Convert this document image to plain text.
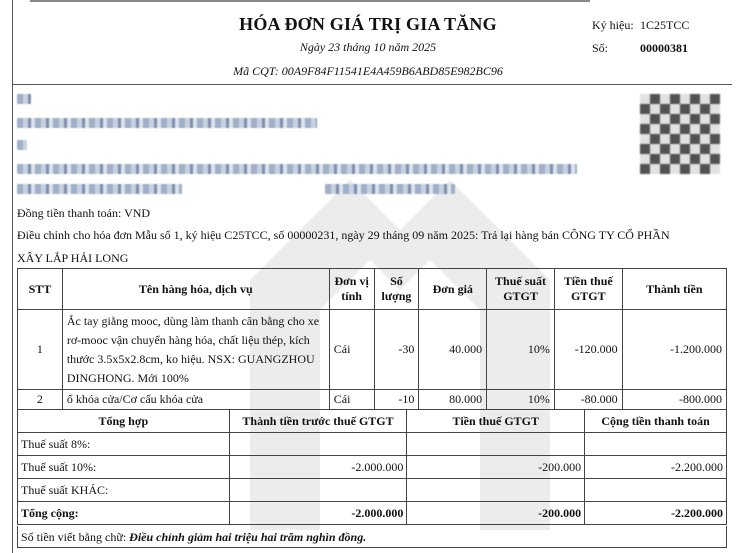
HÓA ĐƠN GIÁ TRỊ GIA TĂNG
Ngày 23 tháng 10 năm 2025
Mã CQT: 00A9F84F11541E4A459B6ABD85E982BC96
Ký hiệu: 1C25TCC
Số:	00000381
Đồng tiền thanh toán: VND
Điều chỉnh cho hóa đơn Mẫu số 1, ký hiệu C25TCC, số 00000231, ngày 29 tháng 09 năm 2025: Trả lại hàng bán CÔNG TY CỔ PHẦN
XÂY LẮP HẢI LONG
STT	Tên hàng hóa, dịch vụ	Đơn vị tính	Số lượng	Đơn giá	Thuế suất GTGT	Tiền thuế GTGT	Thành tiền
1	Ắc tay giằng mooc, dùng làm thanh cân bằng cho xe rơ-mooc vận chuyển hàng hóa, chất liệu thép, kích thước 3.5x5x2.8cm, ko hiệu. NSX: GUANGZHOU DINGHONG. Mới 100%	Cái	-30	40.000	10%	-120.000	-1.200.000
2	ổ khóa cửa/Cơ cấu khóa cửa	Cái	-10	80.000	10%	-80.000	-800.000
Tổng hợp	Thành tiền trước thuế GTGT	Tiền thuế GTGT	Cộng tiền thanh toán
Thuế suất 8%:			
Thuế suất 10%:	-2.000.000	-200.000	-2.200.000
Thuế suất KHÁC:			
Tổng cộng:	-2.000.000	-200.000	-2.200.000
Số tiền viết bằng chữ: Điều chỉnh giảm hai triệu hai trăm nghìn đồng.
